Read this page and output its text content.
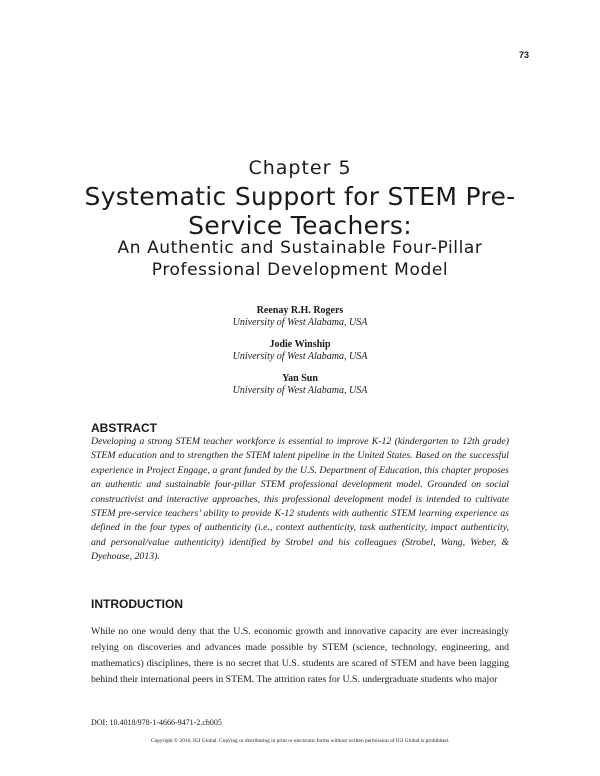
73
Chapter 5
Systematic Support for STEM Pre-Service Teachers:
An Authentic and Sustainable Four-Pillar Professional Development Model
Reenay R.H. Rogers
University of West Alabama, USA
Jodie Winship
University of West Alabama, USA
Yan Sun
University of West Alabama, USA
ABSTRACT
Developing a strong STEM teacher workforce is essential to improve K-12 (kindergarten to 12th grade) STEM education and to strengthen the STEM talent pipeline in the United States. Based on the successful experience in Project Engage, a grant funded by the U.S. Department of Education, this chapter proposes an authentic and sustainable four-pillar STEM professional development model. Grounded on social constructivist and interactive approaches, this professional development model is intended to cultivate STEM pre-service teachers’ ability to provide K-12 students with authentic STEM learning experience as defined in the four types of authenticity (i.e., context authenticity, task authenticity, impact authenticity, and personal/value authenticity) identified by Strobel and his colleagues (Strobel, Wang, Weber, & Dyehouse, 2013).
INTRODUCTION
While no one would deny that the U.S. economic growth and innovative capacity are ever increasingly relying on discoveries and advances made possible by STEM (science, technology, engineering, and mathematics) disciplines, there is no secret that U.S. students are scared of STEM and have been lagging behind their international peers in STEM. The attrition rates for U.S. undergraduate students who major
DOI: 10.4018/978-1-4666-9471-2.ch005
Copyright © 2016, IGI Global. Copying or distributing in print or electronic forms without written permission of IGI Global is prohibited.
